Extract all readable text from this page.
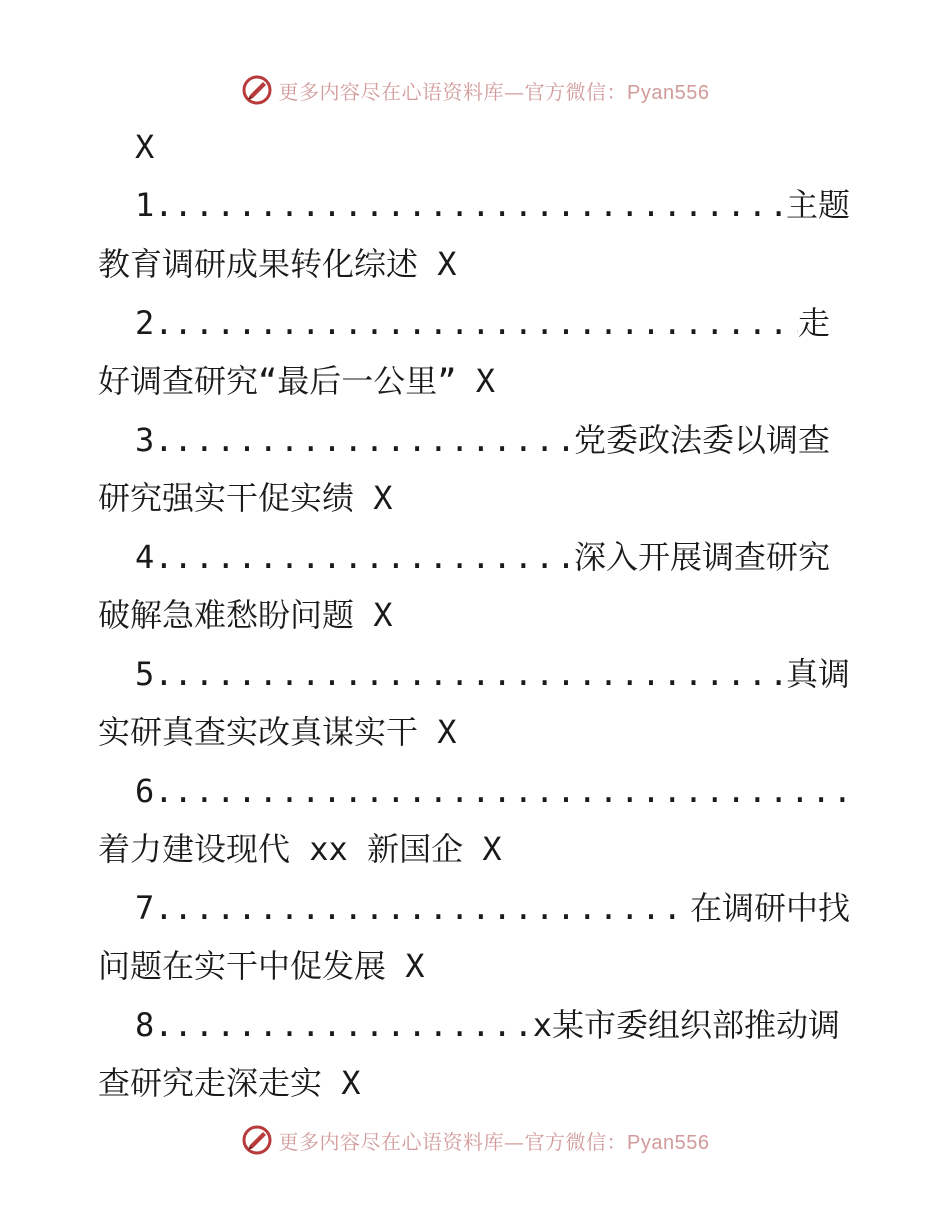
更多内容尽在心语资料库—官方微信：Pyan556
X
1. .....	主题
教育调研成果转化综述 X
2. .....	走
好调查研究“最后一公里” X
3. .....	党委政法委以调查
研究强实干促实绩 X
4. .....	深入开展调查研究
破解急难愁盼问题 X
5. .....	真调
实研真查实改真谋实干 X
6.
.....
着力建设现代 xx 新国企 X
7. .....	在调研中找
问题在实干中促发展 X
8. .....	x某市委组织部推动调
查研究走深走实 X
更多内容尽在心语资料库—官方微信：Pyan556
